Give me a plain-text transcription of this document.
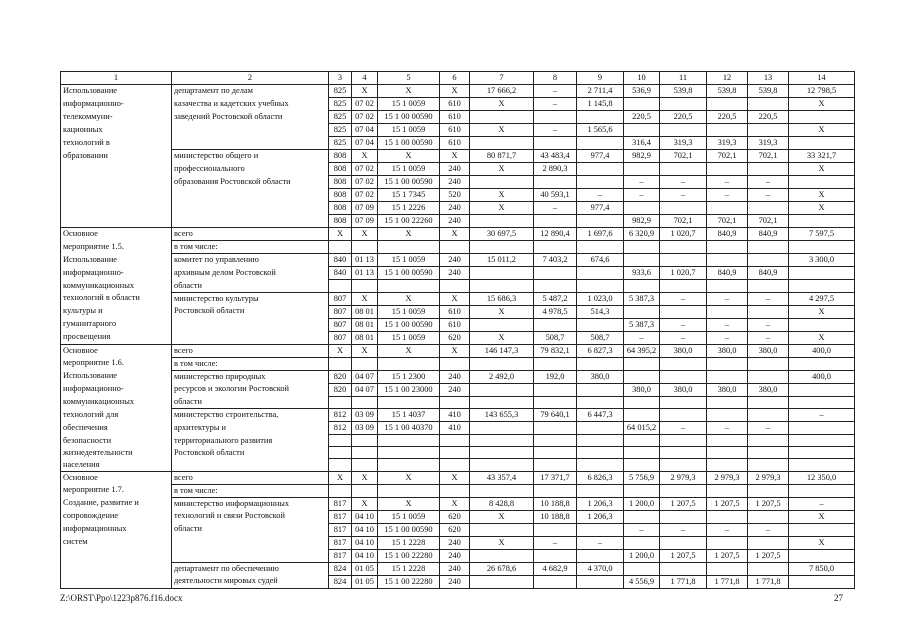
1	2	3	4	5	6	7	8	9	10	11	12	13	14
Использование	департамент по делам	825	X	X	X	17 666,2	–	2 711,4	536,9	539,8	539,8	539,8	12 798,5
информационно-	казачества и кадетских учебных	825	07 02	15 1 0059	610	X	–	1 145,8					X
телекоммуни-	заведений Ростовской области	825	07 02	15 1 00 00590	610				220,5	220,5	220,5	220,5	
кационных		825	07 04	15 1 0059	610	X	–	1 565,6					X
технологий в		825	07 04	15 1 00 00590	610				316,4	319,3	319,3	319,3	
образовании	министерство общего и	808	X	X	X	80 871,7	43 483,4	977,4	982,9	702,1	702,1	702,1	33 321,7
	профессионального	808	07 02	15 1 0059	240	X	2 890,3						X
	образования Ростовской области	808	07 02	15 1 00 00590	240				–	–	–	–	
		808	07 02	15 1 7345	520	X	40 593,1	–	–	–	–	–	X
		808	07 09	15 1 2226	240	X	–	977,4					X
		808	07 09	15 1 00 22260	240				982,9	702,1	702,1	702,1	
Основное	всего	X	X	X	X	30 697,5	12 890,4	1 697,6	6 320,9	1 020,7	840,9	840,9	7 597,5
мероприятие 1.5.	в том числе:												
Использование	комитет по управлению	840	01 13	15 1 0059	240	15 011,2	7 403,2	674,6					3 300,0
информационно-	архивным делом Ростовской	840	01 13	15 1 00 00590	240				933,6	1 020,7	840,9	840,9	
коммуникационных	области												
технологий в области	министерство культуры	807	X	X	X	15 686,3	5 487,2	1 023,0	5 387,3	–	–	–	4 297,5
культуры и	Ростовской области	807	08 01	15 1 0059	610	X	4 978,5	514,3					X
гуманитарного		807	08 01	15 1 00 00590	610				5 387,3	–	–	–	
просвещения		807	08 01	15 1 0059	620	X	508,7	508,7	–	–	–	–	X
Основное	всего	X	X	X	X	146 147,3	79 832,1	6 827,3	64 395,2	380,0	380,0	380,0	400,0
мероприятие 1.6.	в том числе:												
Использование	министерство природных	820	04 07	15 1 2300	240	2 492,0	192,0	380,0					400,0
информационно-	ресурсов и экологии Ростовской	820	04 07	15 1 00 23000	240				380,0	380,0	380,0	380,0	
коммуникационных	области												
технологий для	министерство строительства,	812	03 09	15 1 4037	410	143 655,3	79 640,1	6 447,3					–
обеспечения	архитектуры и	812	03 09	15 1 00 40370	410				64 015,2	–	–	–	
безопасности	территориального развития												
жизнедеятельности	Ростовской области												
населения													
Основное	всего	X	X	X	X	43 357,4	17 371,7	6 826,3	5 756,9	2 979,3	2 979,3	2 979,3	12 350,0
мероприятие 1.7.	в том числе:												
Создание, развитие и	министерство информационных	817	X	X	X	8 428,8	10 188,8	1 206,3	1 200,0	1 207,5	1 207,5	1 207,5	–
сопровождение	технологий и связи Ростовской	817	04 10	15 1 0059	620	X	10 188,8	1 206,3					X
информационных	области	817	04 10	15 1 00 00590	620				–	–	–	–	
систем		817	04 10	15 1 2228	240	X	–	–					X
		817	04 10	15 1 00 22280	240				1 200,0	1 207,5	1 207,5	1 207,5	
	департамент по обеспечению	824	01 05	15 1 2228	240	26 678,6	4 682,9	4 370,0					7 850,0
	деятельности мировых судей	824	01 05	15 1 00 22280	240				4 556,9	1 771,8	1 771,8	1 771,8	
Z:\ORST\Ppo\1223p876.f16.docx	27
